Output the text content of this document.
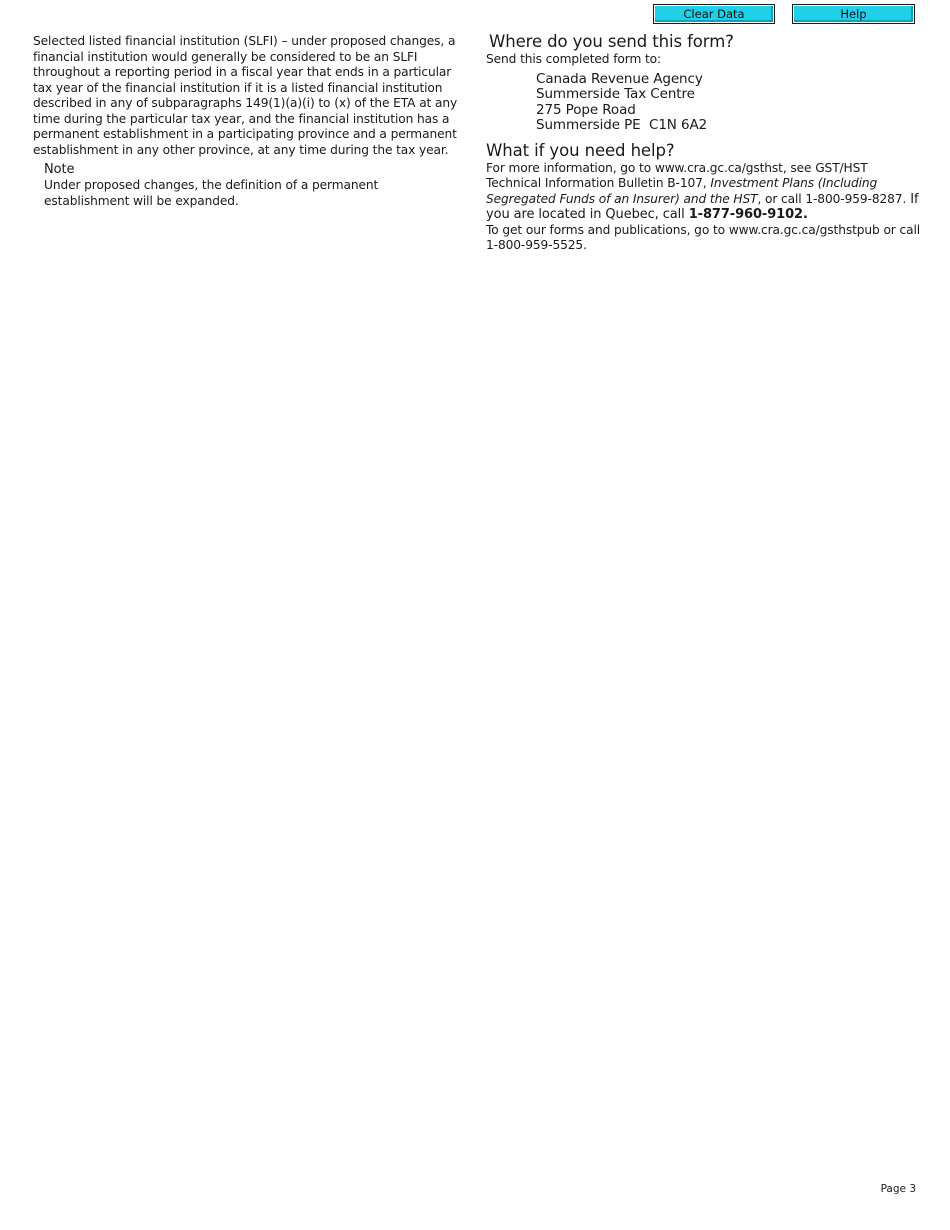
Clear Data	Help

Selected listed financial institution (SLFI) – under proposed changes, a financial institution would generally be considered to be an SLFI throughout a reporting period in a fiscal year that ends in a particular tax year of the financial institution if it is a listed financial institution described in any of subparagraphs 149(1)(a)(i) to (x) of the ETA at any time during the particular tax year, and the financial institution has a permanent establishment in a participating province and a permanent establishment in any other province, at any time during the tax year.

Note

Under proposed changes, the definition of a permanent establishment will be expanded.

Where do you send this form?

Send this completed form to:

Canada Revenue Agency
Summerside Tax Centre
275 Pope Road
Summerside PE  C1N 6A2
What if you need help?

For more information, go to www.cra.gc.ca/gsthst, see GST/HST Technical Information Bulletin B-107, Investment Plans (Including Segregated Funds of an Insurer) and the HST, or call 1-800-959-8287. If you are located in Quebec, call 1-877-960-9102.

To get our forms and publications, go to www.cra.gc.ca/gsthstpub or call 1-800-959-5525.

Page 3
